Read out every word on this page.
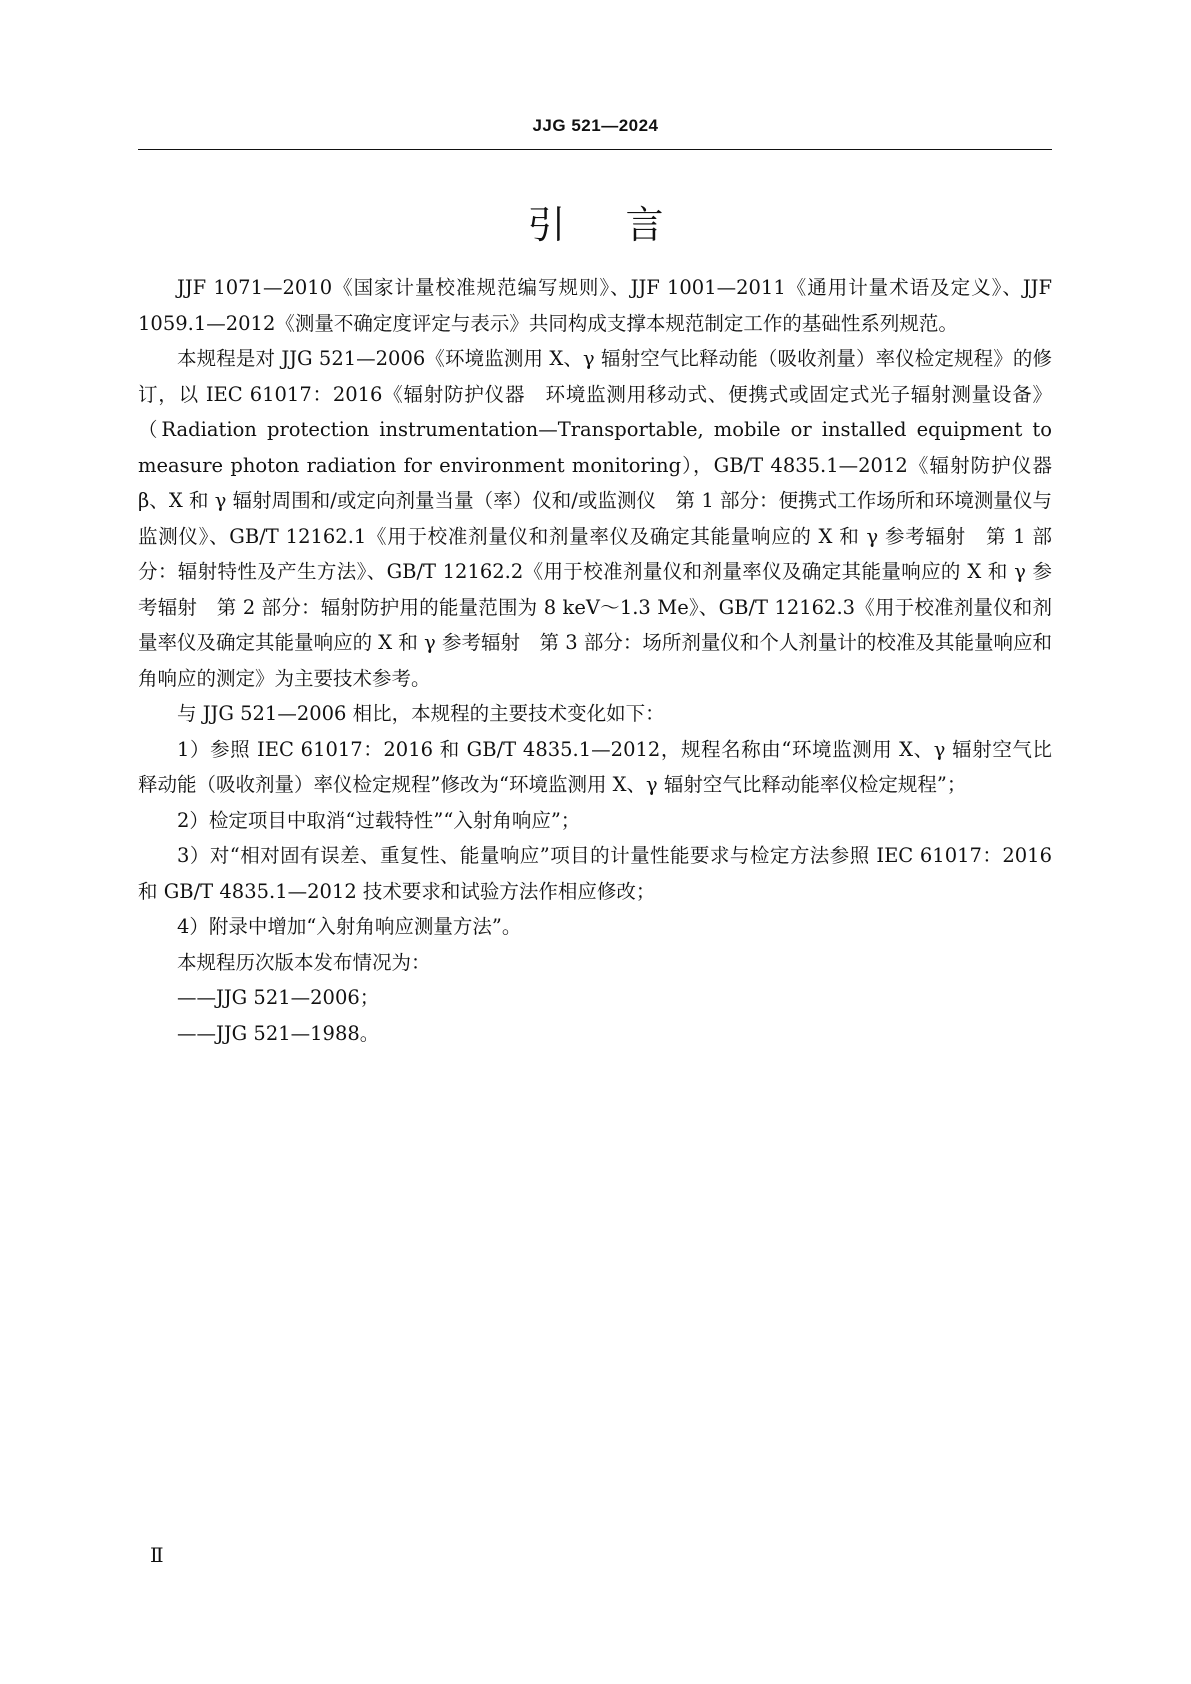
JJG 521—2024
引言

JJF 1071—2010《国家计量校准规范编写规则》、JJF 1001—2011《通用计量术语及定义》、JJF 1059.1—2012《测量不确定度评定与表示》共同构成支撑本规范制定工作的基础性系列规范。

本规程是对 JJG 521—2006《环境监测用 X、γ 辐射空气比释动能（吸收剂量）率仪检定规程》的修订，以 IEC 61017：2016《辐射防护仪器　环境监测用移动式、便携式或固定式光子辐射测量设备》（Radiation protection instrumentation—Transportable, mobile or installed equipment to measure photon radiation for environment monitoring），GB/T 4835.1—2012《辐射防护仪器 β、X 和 γ 辐射周围和/或定向剂量当量（率）仪和/或监测仪　第 1 部分：便携式工作场所和环境测量仪与监测仪》、GB/T 12162.1《用于校准剂量仪和剂量率仪及确定其能量响应的 X 和 γ 参考辐射　第 1 部分：辐射特性及产生方法》、GB/T 12162.2《用于校准剂量仪和剂量率仪及确定其能量响应的 X 和 γ 参考辐射　第 2 部分：辐射防护用的能量范围为 8 keV～1.3 Me》、GB/T 12162.3《用于校准剂量仪和剂量率仪及确定其能量响应的 X 和 γ 参考辐射　第 3 部分：场所剂量仪和个人剂量计的校准及其能量响应和角响应的测定》为主要技术参考。

与 JJG 521—2006 相比，本规程的主要技术变化如下：

1）参照 IEC 61017：2016 和 GB/T 4835.1—2012，规程名称由“环境监测用 X、γ 辐射空气比释动能（吸收剂量）率仪检定规程”修改为“环境监测用 X、γ 辐射空气比释动能率仪检定规程”；

2）检定项目中取消“过载特性”“入射角响应”；

3）对“相对固有误差、重复性、能量响应”项目的计量性能要求与检定方法参照 IEC 61017：2016 和 GB/T 4835.1—2012 技术要求和试验方法作相应修改；

4）附录中增加“入射角响应测量方法”。

本规程历次版本发布情况为：

——JJG 521—2006；

——JJG 521—1988。

Ⅱ
